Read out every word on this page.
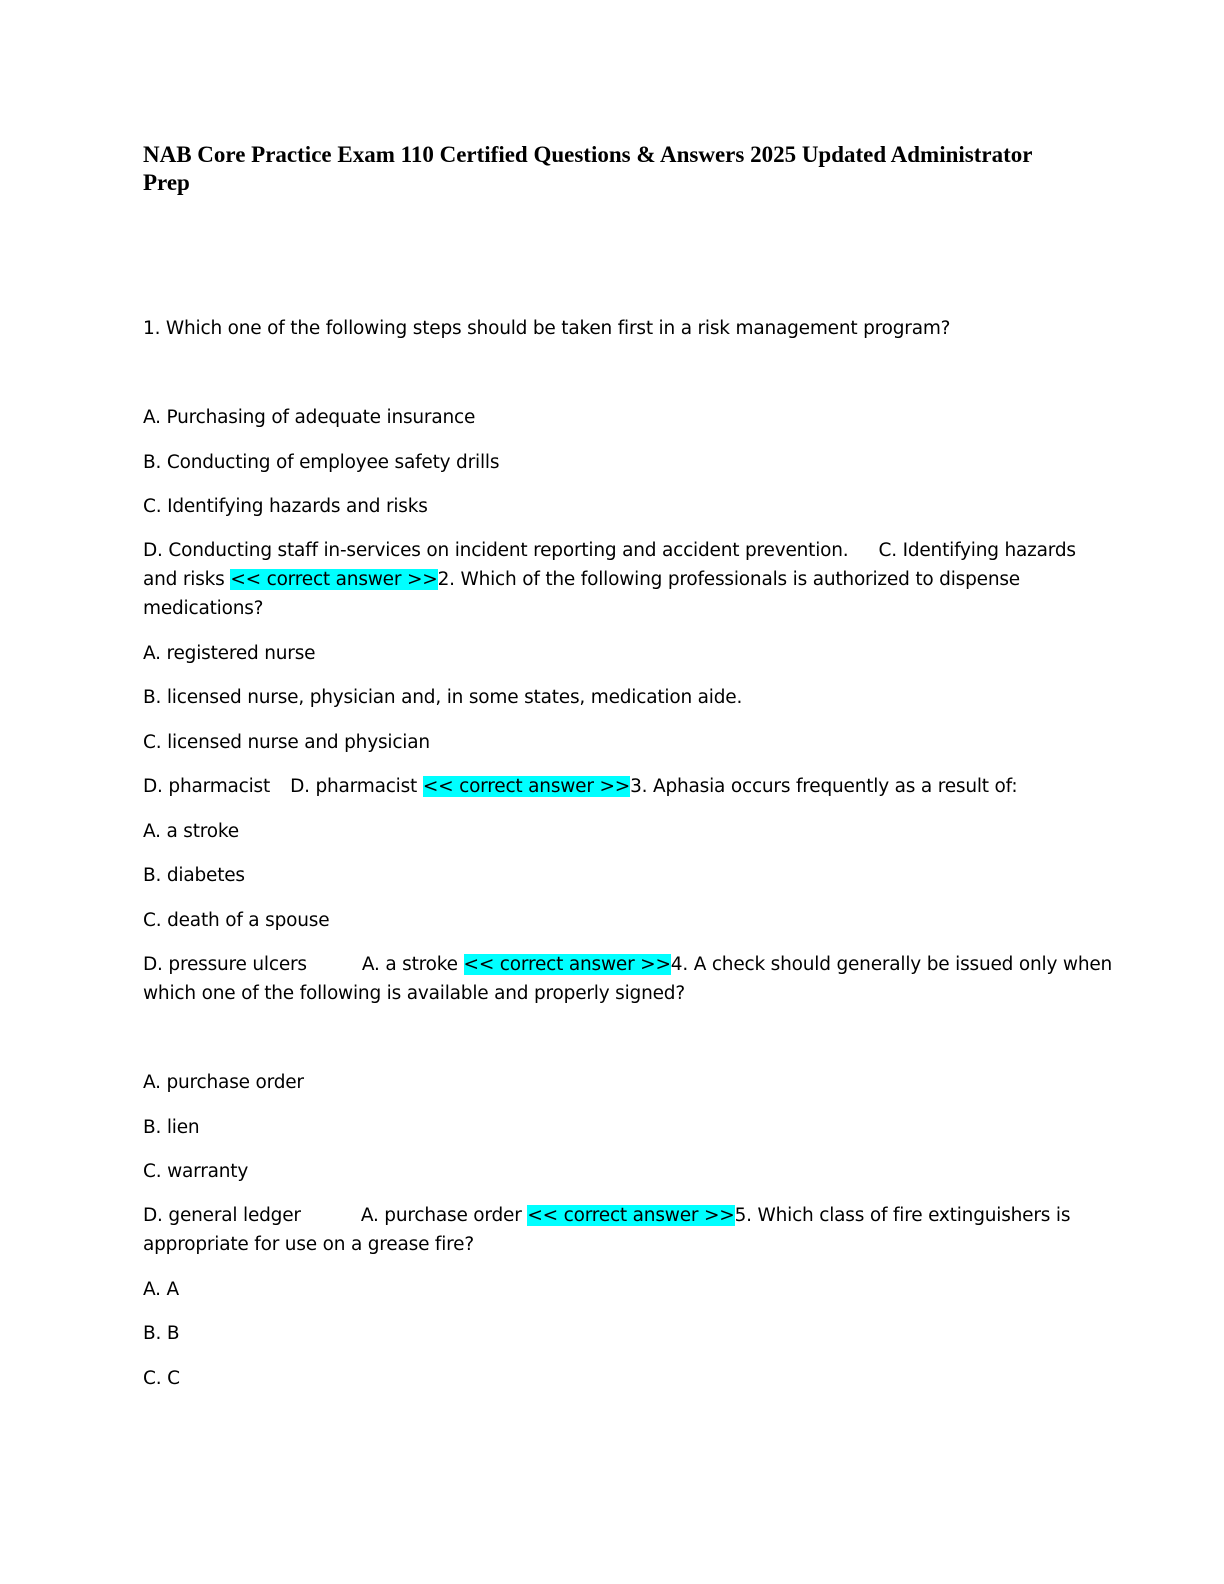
NAB Core Practice Exam 110 Certified Questions & Answers 2025 Updated Administrator Prep

1. Which one of the following steps should be taken first in a risk management program?

A. Purchasing of adequate insurance

B. Conducting of employee safety drills

C. Identifying hazards and risks

D. Conducting staff in-services on incident reporting and accident prevention. C. Identifying hazards

and risks << correct answer >>2. Which of the following professionals is authorized to dispense

medications?

A. registered nurse

B. licensed nurse, physician and, in some states, medication aide.

C. licensed nurse and physician

D. pharmacist D. pharmacist << correct answer >>3. Aphasia occurs frequently as a result of:

A. a stroke

B. diabetes

C. death of a spouse

D. pressure ulcers	A. a stroke << correct answer >>4. A check should generally be issued only when

which one of the following is available and properly signed?

A. purchase order

B. lien

C. warranty

D. general ledger	A. purchase order << correct answer >>5. Which class of fire extinguishers is

appropriate for use on a grease fire?

A. A

B. B

C. C
